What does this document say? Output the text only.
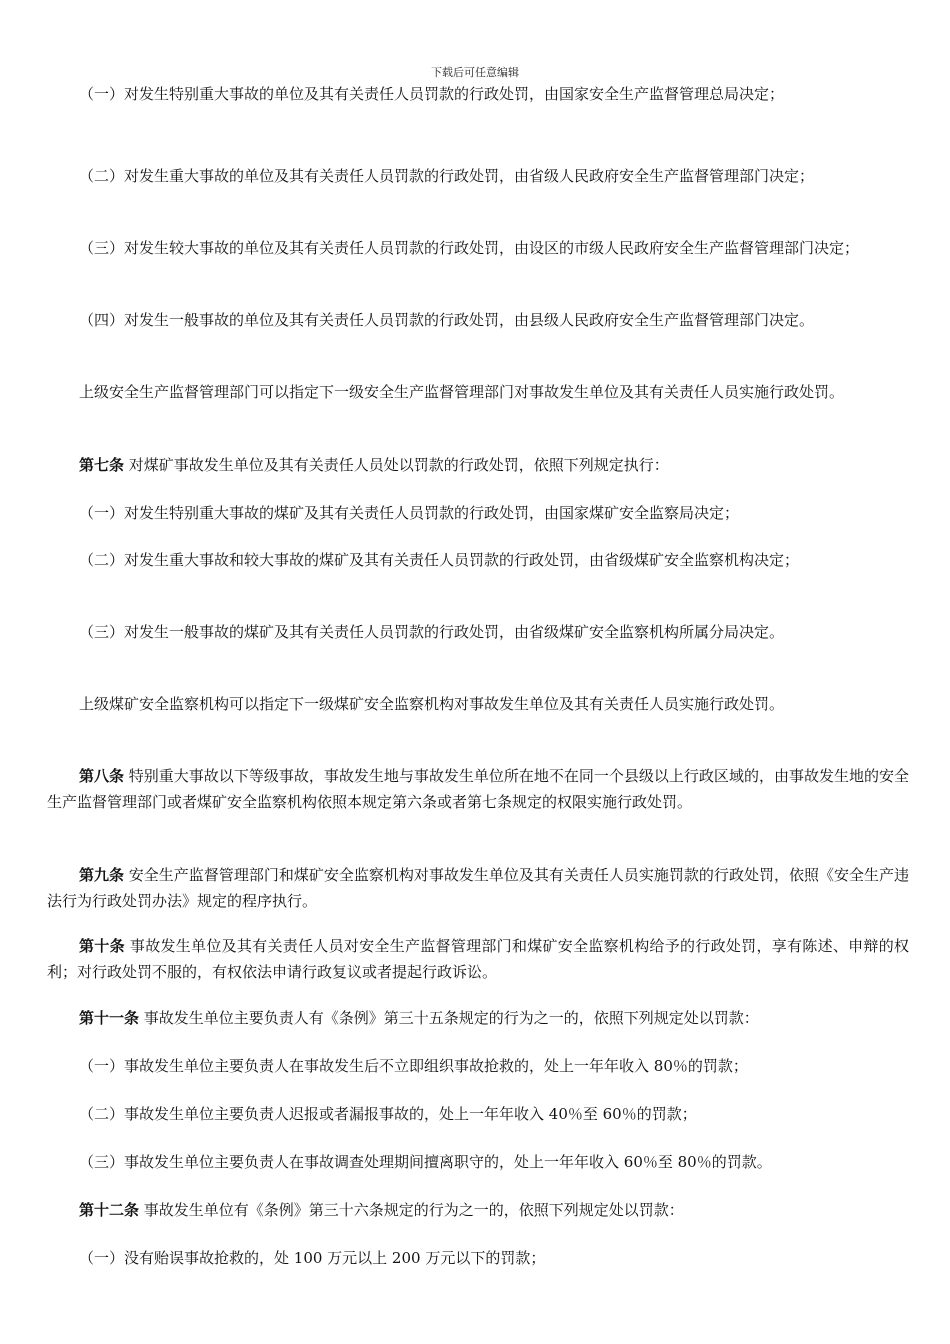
下载后可任意编辑

（一）对发生特别重大事故的单位及其有关责任人员罚款的行政处罚，由国家安全生产监督管理总局决定；

（二）对发生重大事故的单位及其有关责任人员罚款的行政处罚，由省级人民政府安全生产监督管理部门决定；

（三）对发生较大事故的单位及其有关责任人员罚款的行政处罚，由设区的市级人民政府安全生产监督管理部门决定；

（四）对发生一般事故的单位及其有关责任人员罚款的行政处罚，由县级人民政府安全生产监督管理部门决定。

上级安全生产监督管理部门可以指定下一级安全生产监督管理部门对事故发生单位及其有关责任人员实施行政处罚。

第七条 对煤矿事故发生单位及其有关责任人员处以罚款的行政处罚，依照下列规定执行：

（一）对发生特别重大事故的煤矿及其有关责任人员罚款的行政处罚，由国家煤矿安全监察局决定；

（二）对发生重大事故和较大事故的煤矿及其有关责任人员罚款的行政处罚，由省级煤矿安全监察机构决定；

（三）对发生一般事故的煤矿及其有关责任人员罚款的行政处罚，由省级煤矿安全监察机构所属分局决定。

上级煤矿安全监察机构可以指定下一级煤矿安全监察机构对事故发生单位及其有关责任人员实施行政处罚。

第八条 特别重大事故以下等级事故，事故发生地与事故发生单位所在地不在同一个县级以上行政区域的，由事故发生地的安全生产监督管理部门或者煤矿安全监察机构依照本规定第六条或者第七条规定的权限实施行政处罚。

第九条 安全生产监督管理部门和煤矿安全监察机构对事故发生单位及其有关责任人员实施罚款的行政处罚，依照《安全生产违法行为行政处罚办法》规定的程序执行。

第十条 事故发生单位及其有关责任人员对安全生产监督管理部门和煤矿安全监察机构给予的行政处罚，享有陈述、申辩的权利；对行政处罚不服的，有权依法申请行政复议或者提起行政诉讼。

第十一条 事故发生单位主要负责人有《条例》第三十五条规定的行为之一的，依照下列规定处以罚款：

（一）事故发生单位主要负责人在事故发生后不立即组织事故抢救的，处上一年年收入 80％的罚款；

（二）事故发生单位主要负责人迟报或者漏报事故的，处上一年年收入 40％至 60％的罚款；

（三）事故发生单位主要负责人在事故调查处理期间擅离职守的，处上一年年收入 60％至 80％的罚款。

第十二条 事故发生单位有《条例》第三十六条规定的行为之一的，依照下列规定处以罚款：

（一）没有贻误事故抢救的，处 100 万元以上 200 万元以下的罚款；
